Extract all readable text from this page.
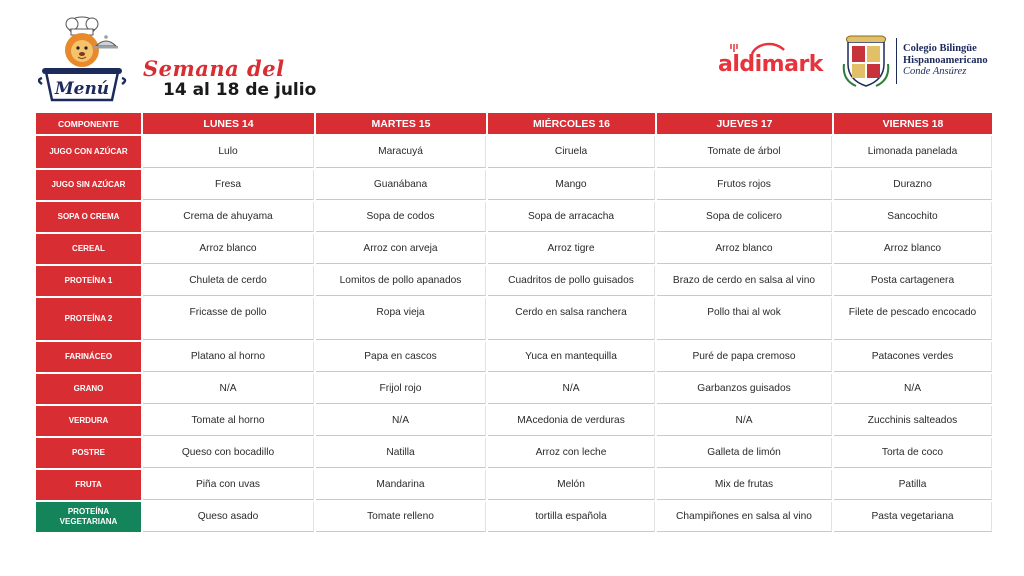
Menú
Semana del
14 al 18 de julio
aldimark
Colegio Bilingüe
Hispanoamericano
Conde Ansúrez
COMPONENTE	LUNES 14	MARTES 15	MIÉRCOLES 16	JUEVES 17	VIERNES 18
JUGO CON AZÚCAR	Lulo	Maracuyá	Ciruela	Tomate de árbol	Limonada panelada
JUGO SIN AZÚCAR	Fresa	Guanábana	Mango	Frutos rojos	Durazno
SOPA O CREMA	Crema de ahuyama	Sopa de codos	Sopa de arracacha	Sopa de colicero	Sancochito
CEREAL	Arroz blanco	Arroz con arveja	Arroz tigre	Arroz blanco	Arroz blanco
PROTEÍNA 1	Chuleta de cerdo	Lomitos de pollo apanados	Cuadritos de pollo guisados	Brazo de cerdo en salsa al vino	Posta cartagenera
PROTEÍNA 2	Fricasse de pollo	Ropa vieja	Cerdo en salsa ranchera	Pollo thai al wok	Filete de pescado encocado
FARINÁCEO	Platano al horno	Papa en cascos	Yuca en mantequilla	Puré de papa cremoso	Patacones verdes
GRANO	N/A	Frijol rojo	N/A	Garbanzos guisados	N/A
VERDURA	Tomate al horno	N/A	MAcedonia de verduras	N/A	Zucchinis salteados
POSTRE	Queso con bocadillo	Natilla	Arroz con leche	Galleta de limón	Torta de coco
FRUTA	Piña con uvas	Mandarina	Melón	Mix de frutas	Patilla
PROTEÍNA VEGETARIANA	Queso asado	Tomate relleno	tortilla española	Champiñones en salsa al vino	Pasta vegetariana
